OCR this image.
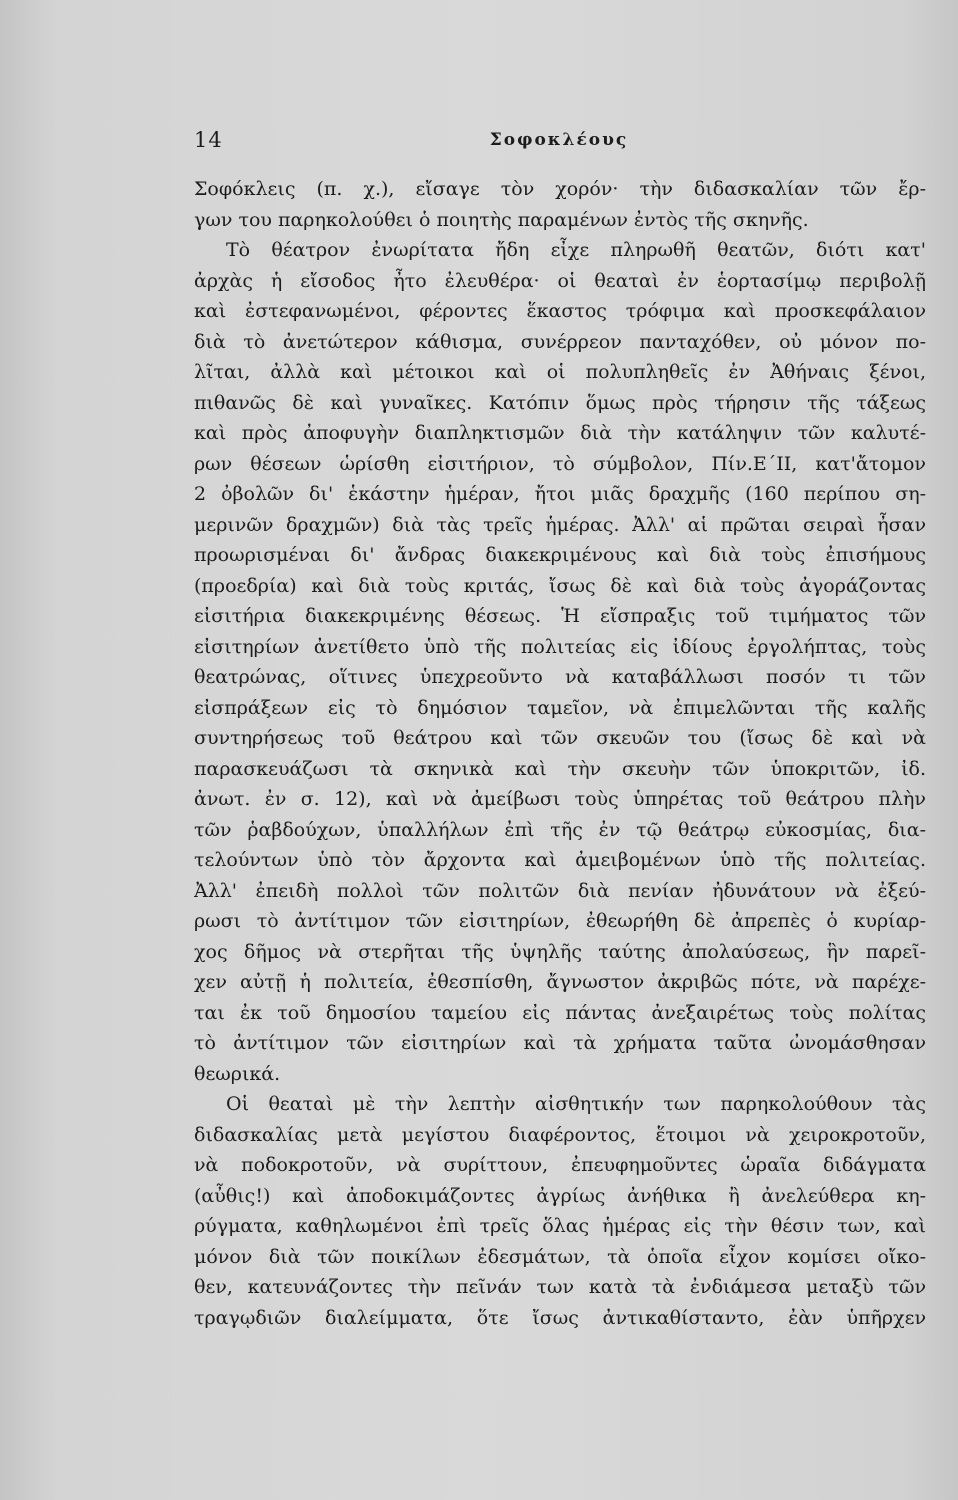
14	Σοφοκλέους
Σοφόκλεις (π. χ.), εἴσαγε τὸν χορόν· τὴν διδασκαλίαν τῶν ἔρ-
γων του παρηκολούθει ὁ ποιητὴς παραμένων ἐντὸς τῆς σκηνῆς.
Τὸ θέατρον ἐνωρίτατα ἤδη εἶχε πληρωθῆ θεατῶν, διότι κατ'
ἀρχὰς ἡ εἴσοδος ἦτο ἐλευθέρα· οἱ θεαταὶ ἐν ἑορτασίμῳ περιβολῇ
καὶ ἐστεφανωμένοι, φέροντες ἕκαστος τρόφιμα καὶ προσκεφάλαιον
διὰ τὸ ἀνετώτερον κάθισμα, συνέρρεον πανταχόθεν, οὐ μόνον πο-
λῖται, ἀλλὰ καὶ μέτοικοι καὶ οἱ πολυπληθεῖς ἐν Ἀθήναις ξένοι,
πιθανῶς δὲ καὶ γυναῖκες. Κατόπιν ὅμως πρὸς τήρησιν τῆς τάξεως
καὶ πρὸς ἀποφυγὴν διαπληκτισμῶν διὰ τὴν κατάληψιν τῶν καλυτέ-
ρων θέσεων ὡρίσθη εἰσιτήριον, τὸ σύμβολον, Πίν.Ε΄ΙΙ, κατ'ἄτομον
2 ὀβολῶν δι' ἑκάστην ἡμέραν, ἤτοι μιᾶς δραχμῆς (160 περίπου ση-
μερινῶν δραχμῶν) διὰ τὰς τρεῖς ἡμέρας. Ἀλλ' αἱ πρῶται σειραὶ ἦσαν
προωρισμέναι δι' ἄνδρας διακεκριμένους καὶ διὰ τοὺς ἐπισήμους
(προεδρία) καὶ διὰ τοὺς κριτάς, ἴσως δὲ καὶ διὰ τοὺς ἀγοράζοντας
εἰσιτήρια διακεκριμένης θέσεως. Ἡ εἴσπραξις τοῦ τιμήματος τῶν
εἰσιτηρίων ἀνετίθετο ὑπὸ τῆς πολιτείας εἰς ἰδίους ἐργολήπτας, τοὺς
θεατρώνας, οἵτινες ὑπεχρεοῦντο νὰ καταβάλλωσι ποσόν τι τῶν
εἰσπράξεων εἰς τὸ δημόσιον ταμεῖον, νὰ ἐπιμελῶνται τῆς καλῆς
συντηρήσεως τοῦ θεάτρου καὶ τῶν σκευῶν του (ἴσως δὲ καὶ νὰ
παρασκευάζωσι τὰ σκηνικὰ καὶ τὴν σκευὴν τῶν ὑποκριτῶν, ἰδ.
ἀνωτ. ἐν σ. 12), καὶ νὰ ἀμείβωσι τοὺς ὑπηρέτας τοῦ θεάτρου πλὴν
τῶν ῥαβδούχων, ὑπαλλήλων ἐπὶ τῆς ἐν τῷ θεάτρῳ εὐκοσμίας, δια-
τελούντων ὑπὸ τὸν ἄρχοντα καὶ ἀμειβομένων ὑπὸ τῆς πολιτείας.
Ἀλλ' ἐπειδὴ πολλοὶ τῶν πολιτῶν διὰ πενίαν ἠδυνάτουν νὰ ἐξεύ-
ρωσι τὸ ἀντίτιμον τῶν εἰσιτηρίων, ἐθεωρήθη δὲ ἀπρεπὲς ὁ κυρίαρ-
χος δῆμος νὰ στερῆται τῆς ὑψηλῆς ταύτης ἀπολαύσεως, ἣν παρεῖ-
χεν αὐτῇ ἡ πολιτεία, ἐθεσπίσθη, ἄγνωστον ἀκριβῶς πότε, νὰ παρέχε-
ται ἐκ τοῦ δημοσίου ταμείου εἰς πάντας ἀνεξαιρέτως τοὺς πολίτας
τὸ ἀντίτιμον τῶν εἰσιτηρίων καὶ τὰ χρήματα ταῦτα ὠνομάσθησαν
θεωρικά.
Οἱ θεαταὶ μὲ τὴν λεπτὴν αἰσθητικήν των παρηκολούθουν τὰς
διδασκαλίας μετὰ μεγίστου διαφέροντος, ἕτοιμοι νὰ χειροκροτοῦν,
νὰ ποδοκροτοῦν, νὰ συρίττουν, ἐπευφημοῦντες ὡραῖα διδάγματα
(αὖθις!) καὶ ἀποδοκιμάζοντες ἀγρίως ἀνήθικα ἢ ἀνελεύθερα κη-
ρύγματα, καθηλωμένοι ἐπὶ τρεῖς ὅλας ἡμέρας εἰς τὴν θέσιν των, καὶ
μόνον διὰ τῶν ποικίλων ἐδεσμάτων, τὰ ὁποῖα εἶχον κομίσει οἴκο-
θεν, κατευνάζοντες τὴν πεῖνάν των κατὰ τὰ ἐνδιάμεσα μεταξὺ τῶν
τραγῳδιῶν διαλείμματα, ὅτε ἴσως ἀντικαθίσταντο, ἐὰν ὑπῆρχεν
